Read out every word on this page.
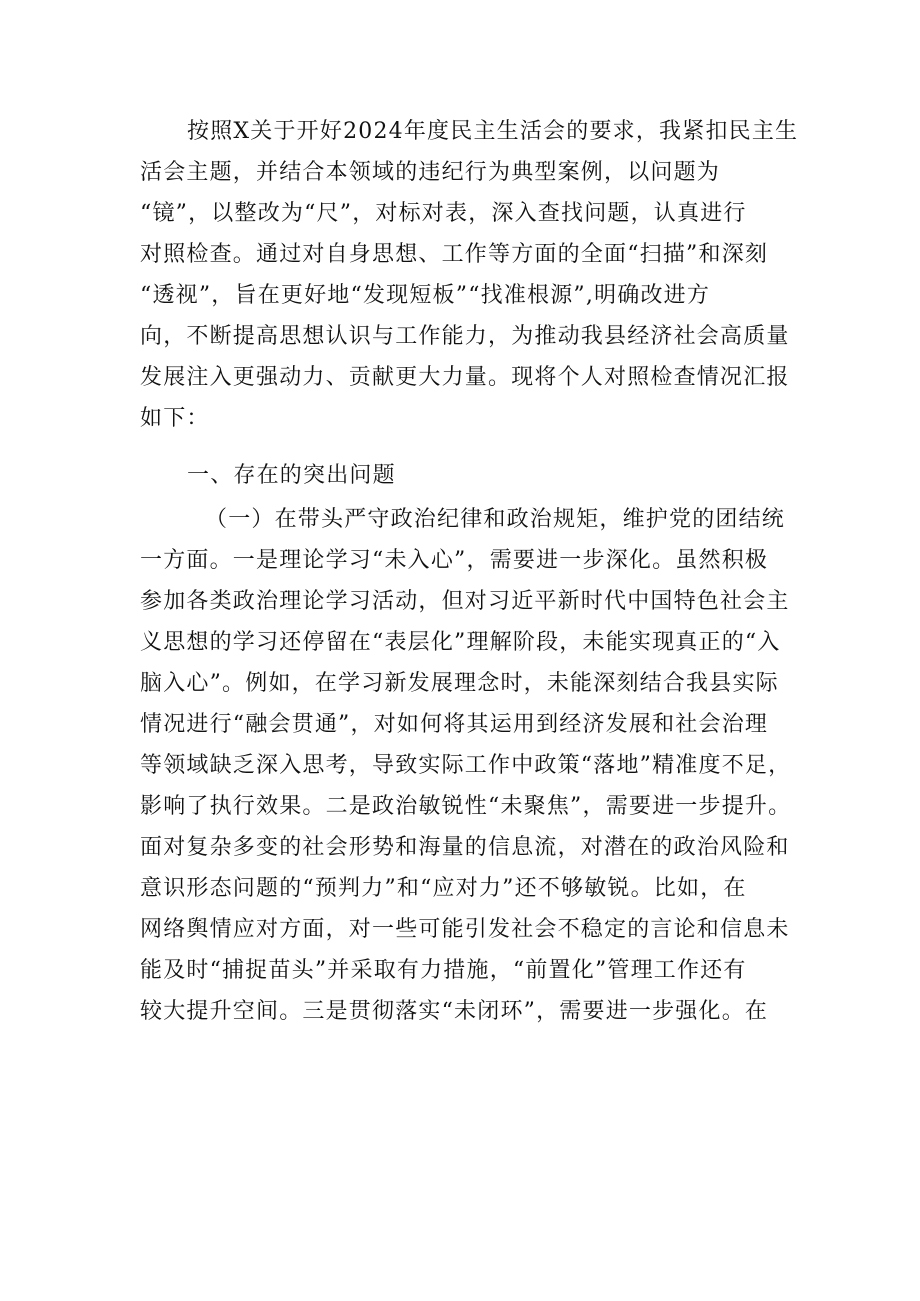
按照X关于开好2024年度民主生活会的要求，我紧扣民主生
活会主题，并结合本领域的违纪行为典型案例，以问题为
“镜”，以整改为“尺”，对标对表，深入查找问题，认真进行
对照检查。通过对自身思想、工作等方面的全面“扫描”和深刻
“透视”，旨在更好地“发现短板”“找准根源”,明确改进方
向，不断提高思想认识与工作能力，为推动我县经济社会高质量
发展注入更强动力、贡献更大力量。现将个人对照检查情况汇报
如下：
一、存在的突出问题
（一）在带头严守政治纪律和政治规矩，维护党的团结统
一方面。一是理论学习“未入心”，需要进一步深化。虽然积极
参加各类政治理论学习活动，但对习近平新时代中国特色社会主
义思想的学习还停留在“表层化”理解阶段，未能实现真正的“入
脑入心”。例如，在学习新发展理念时，未能深刻结合我县实际
情况进行“融会贯通”，对如何将其运用到经济发展和社会治理
等领域缺乏深入思考，导致实际工作中政策“落地”精准度不足，
影响了执行效果。二是政治敏锐性“未聚焦”，需要进一步提升。
面对复杂多变的社会形势和海量的信息流，对潜在的政治风险和
意识形态问题的“预判力”和“应对力”还不够敏锐。比如，在
网络舆情应对方面，对一些可能引发社会不稳定的言论和信息未
能及时“捕捉苗头”并采取有力措施，“前置化”管理工作还有
较大提升空间。三是贯彻落实“未闭环”，需要进一步强化。在
